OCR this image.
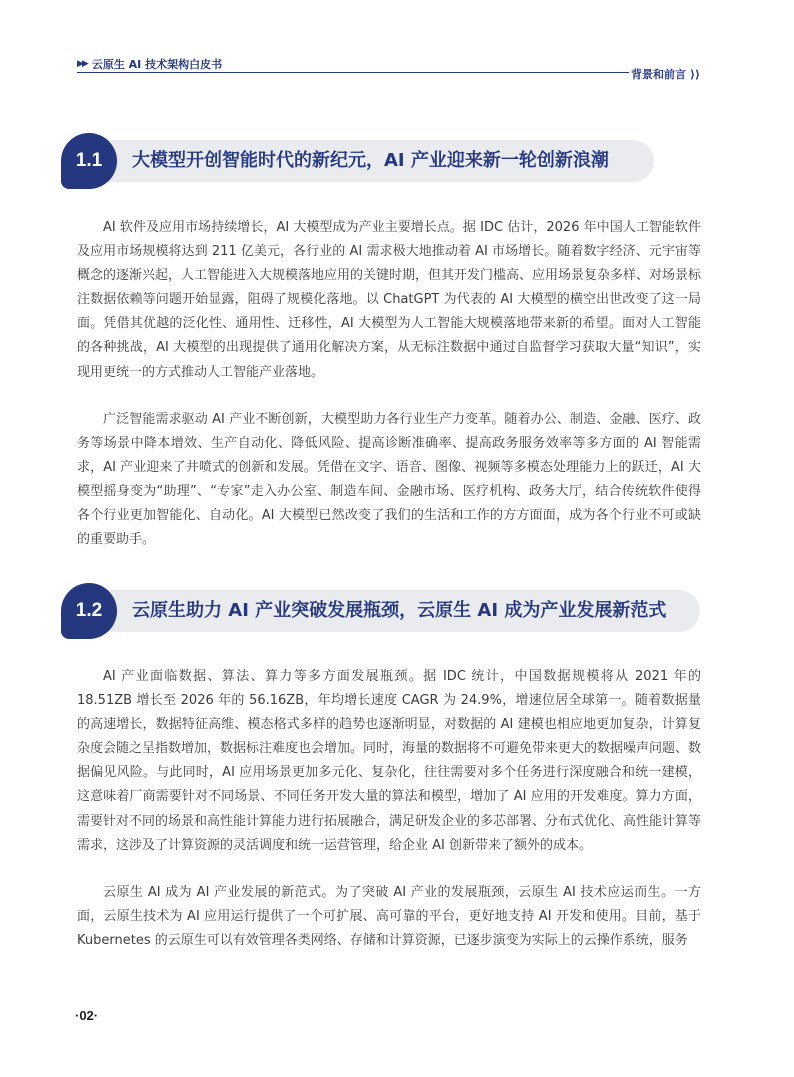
▶▶ 云原生 AI 技术架构白皮书
背景和前言 ⟩⟩
1.1	大模型开创智能时代的新纪元，AI 产业迎来新一轮创新浪潮

AI 软件及应用市场持续增长，AI 大模型成为产业主要增长点。据 IDC 估计，2026 年中国人工智能软件及应用市场规模将达到 211 亿美元，各行业的 AI 需求极大地推动着 AI 市场增长。随着数字经济、元宇宙等概念的逐渐兴起，人工智能进入大规模落地应用的关键时期，但其开发门槛高、应用场景复杂多样、对场景标注数据依赖等问题开始显露，阻碍了规模化落地。以 ChatGPT 为代表的 AI 大模型的横空出世改变了这一局面。凭借其优越的泛化性、通用性、迁移性，AI 大模型为人工智能大规模落地带来新的希望。面对人工智能的各种挑战，AI 大模型的出现提供了通用化解决方案，从无标注数据中通过自监督学习获取大量“知识”，实现用更统一的方式推动人工智能产业落地。

广泛智能需求驱动 AI 产业不断创新，大模型助力各行业生产力变革。随着办公、制造、金融、医疗、政务等场景中降本增效、生产自动化、降低风险、提高诊断准确率、提高政务服务效率等多方面的 AI 智能需求，AI 产业迎来了井喷式的创新和发展。凭借在文字、语音、图像、视频等多模态处理能力上的跃迁，AI 大模型摇身变为“助理”、“专家”走入办公室、制造车间、金融市场、医疗机构、政务大厅，结合传统软件使得各个行业更加智能化、自动化。AI 大模型已然改变了我们的生活和工作的方方面面，成为各个行业不可或缺的重要助手。

1.2	云原生助力 AI 产业突破发展瓶颈，云原生 AI 成为产业发展新范式

AI 产业面临数据、算法、算力等多方面发展瓶颈。据 IDC 统计，中国数据规模将从 2021 年的 18.51ZB 增长至 2026 年的 56.16ZB，年均增长速度 CAGR 为 24.9%，增速位居全球第一。随着数据量的高速增长，数据特征高维、模态格式多样的趋势也逐渐明显，对数据的 AI 建模也相应地更加复杂，计算复杂度会随之呈指数增加，数据标注难度也会增加。同时，海量的数据将不可避免带来更大的数据噪声问题、数据偏见风险。与此同时，AI 应用场景更加多元化、复杂化，往往需要对多个任务进行深度融合和统一建模，这意味着厂商需要针对不同场景、不同任务开发大量的算法和模型，增加了 AI 应用的开发难度。算力方面，需要针对不同的场景和高性能计算能力进行拓展融合，满足研发企业的多芯部署、分布式优化、高性能计算等需求，这涉及了计算资源的灵活调度和统一运营管理，给企业 AI 创新带来了额外的成本。

云原生 AI 成为 AI 产业发展的新范式。为了突破 AI 产业的发展瓶颈，云原生 AI 技术应运而生。一方面，云原生技术为 AI 应用运行提供了一个可扩展、高可靠的平台，更好地支持 AI 开发和使用。目前，基于 Kubernetes 的云原生可以有效管理各类网络、存储和计算资源，已逐步演变为实际上的云操作系统，服务

·02·
